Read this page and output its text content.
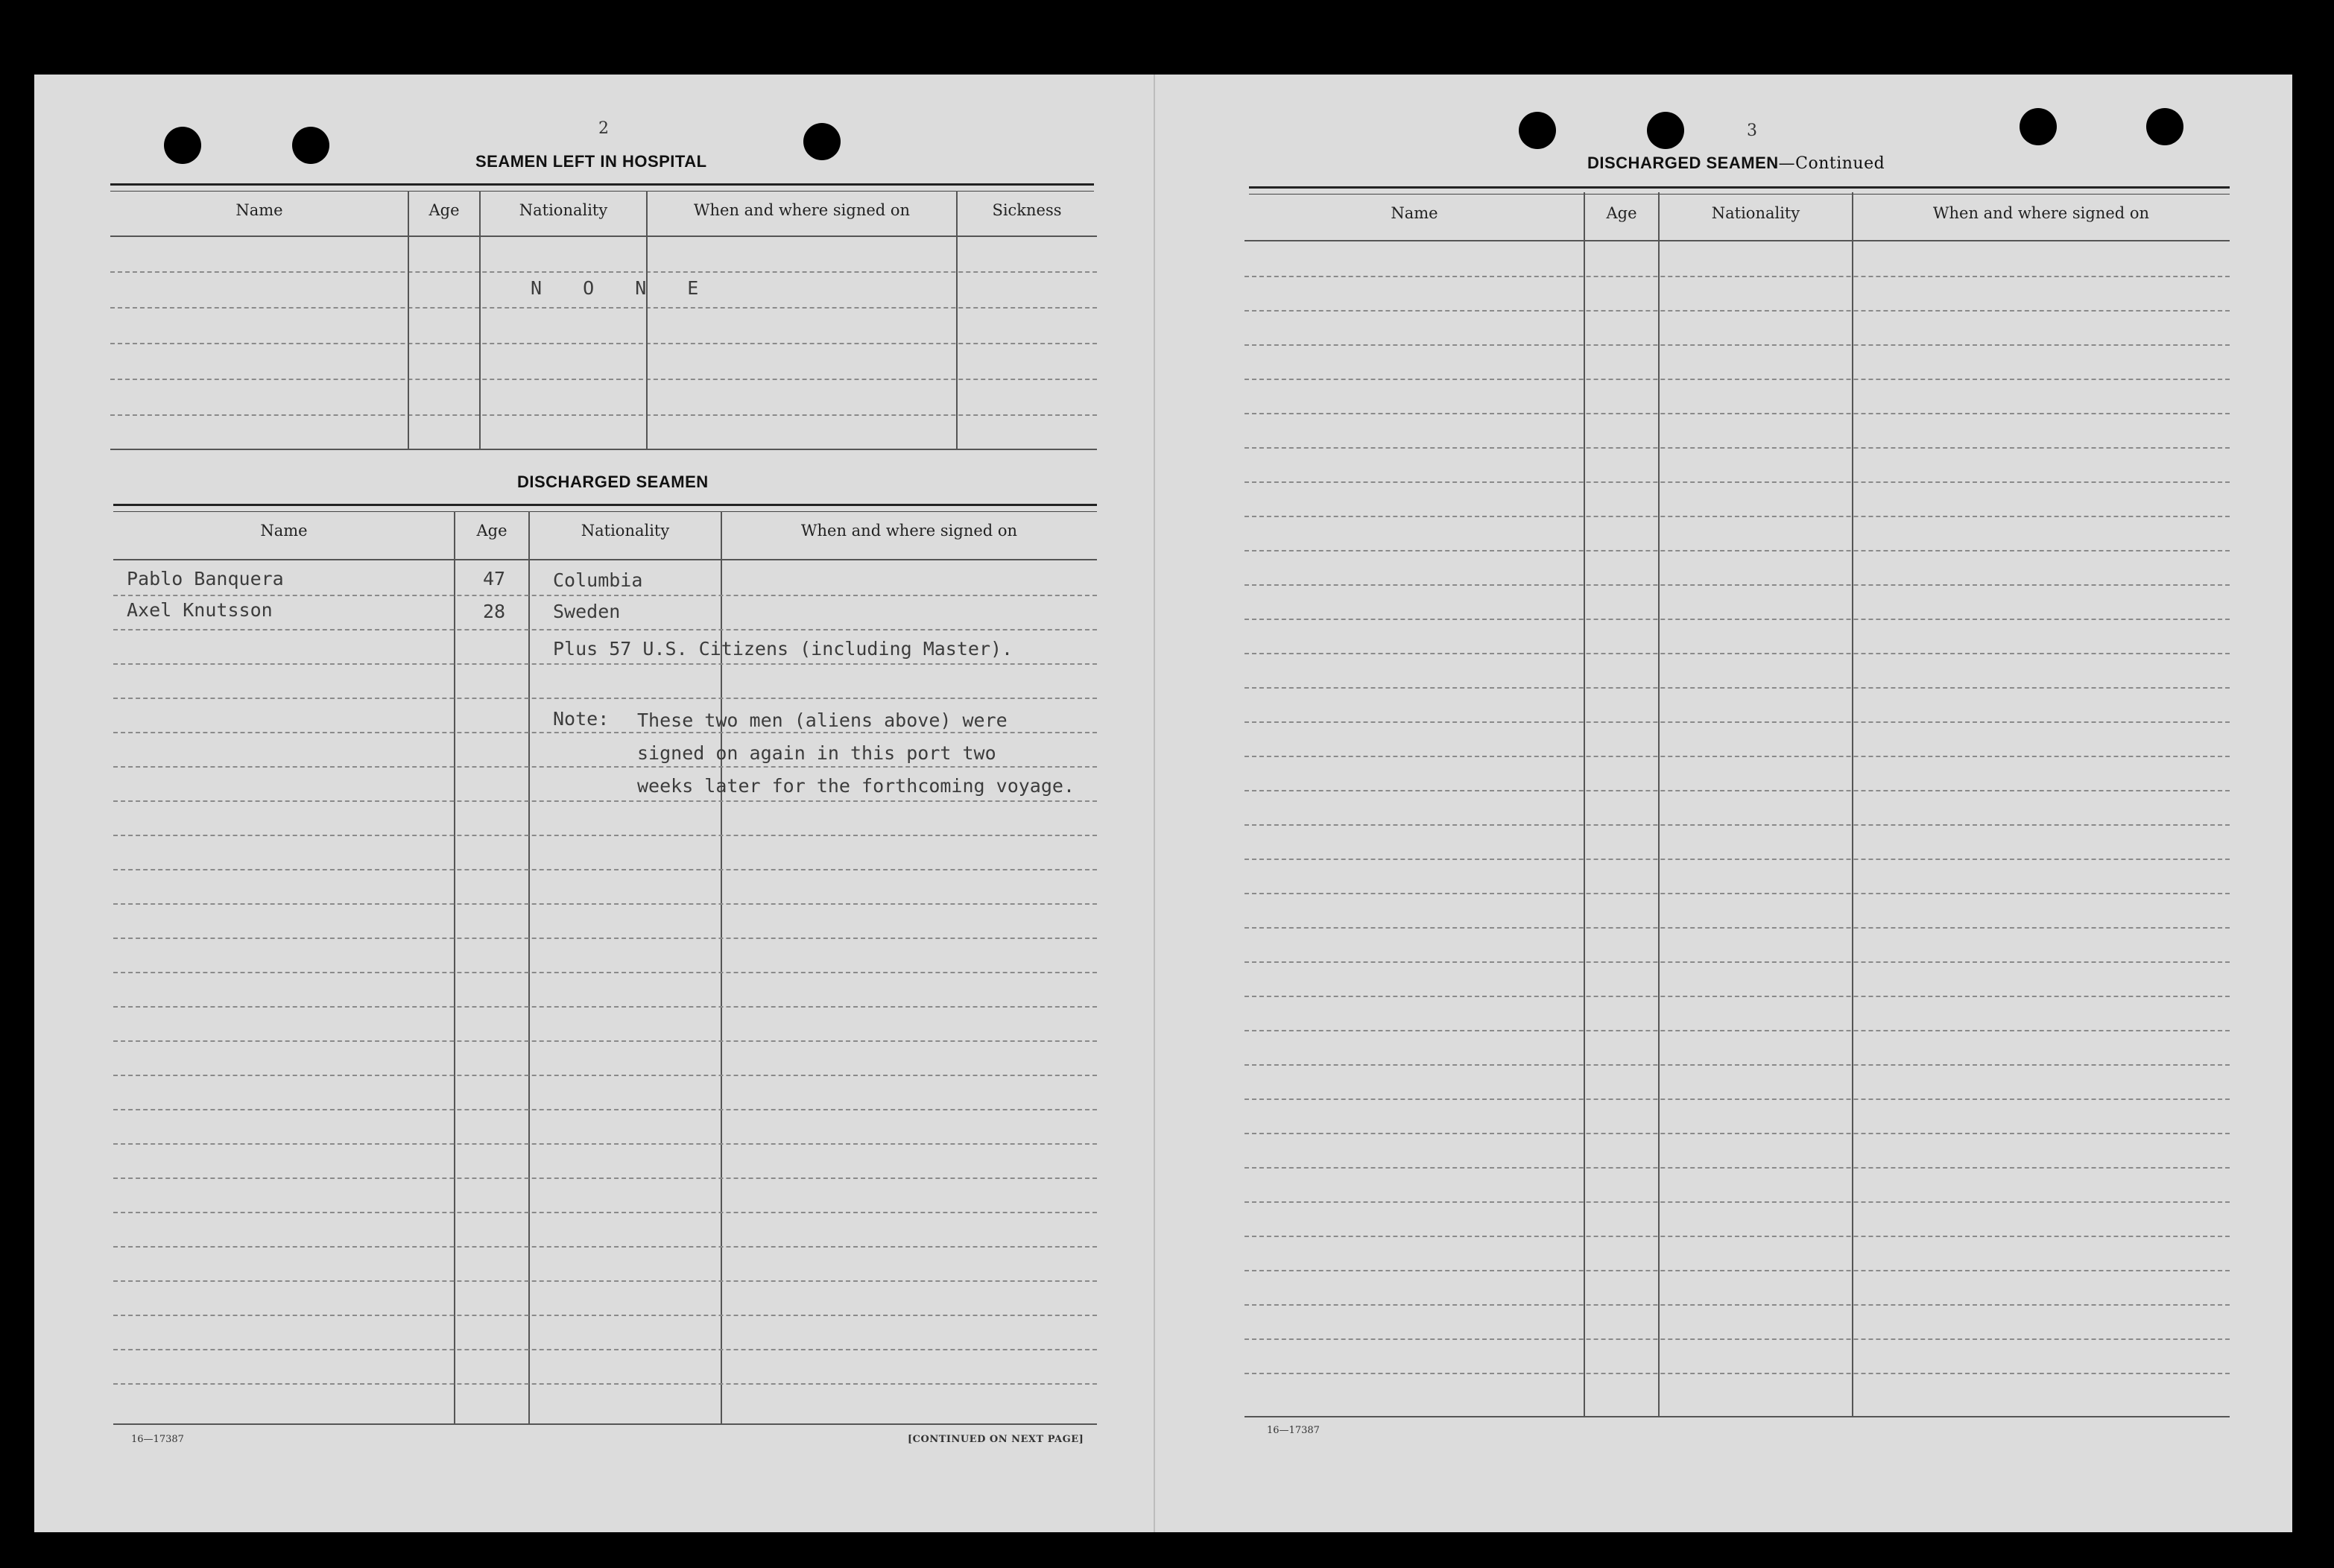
2
SEAMEN LEFT IN HOSPITAL
Name	Age	Nationality	When and where signed on	Sickness
N O N E
DISCHARGED SEAMEN
Name	Age	Nationality	When and where signed on
Pablo Banquera	47	Columbia
Axel Knutsson	28	Sweden
Plus 57 U.S. Citizens (including Master).
Note: These two men (aliens above) were
signed on again in this port two
weeks later for the forthcoming voyage.
16—17387	[CONTINUED ON NEXT PAGE]
3
DISCHARGED SEAMEN—Continued
Name	Age	Nationality	When and where signed on
16—17387
